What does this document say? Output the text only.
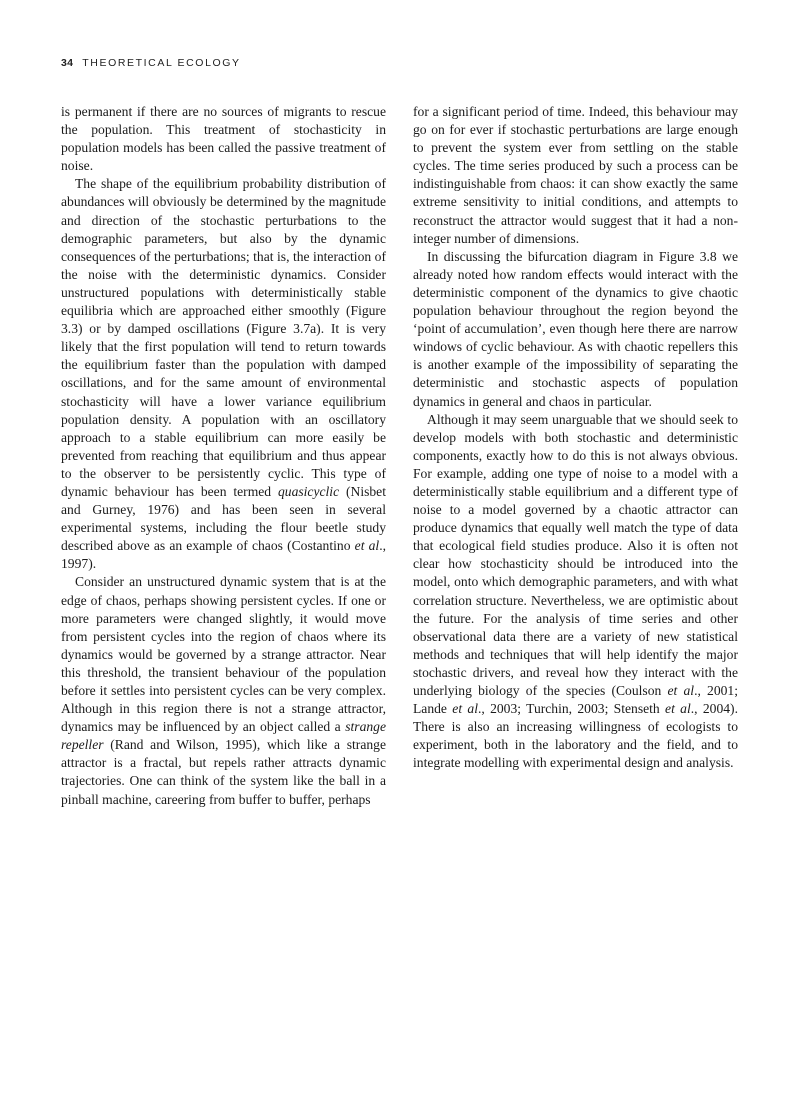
34 THEORETICAL ECOLOGY

is permanent if there are no sources of migrants to rescue the population. This treatment of stochasticity in population models has been called the passive treatment of noise.

The shape of the equilibrium probability distribution of abundances will obviously be determined by the magnitude and direction of the stochastic perturbations to the demographic parameters, but also by the dynamic consequences of the perturbations; that is, the interaction of the noise with the deterministic dynamics. Consider unstructured populations with deterministically stable equilibria which are approached either smoothly (Figure 3.3) or by damped oscillations (Figure 3.7a). It is very likely that the first population will tend to return towards the equilibrium faster than the population with damped oscillations, and for the same amount of environmental stochasticity will have a lower variance equilibrium population density. A population with an oscillatory approach to a stable equilibrium can more easily be prevented from reaching that equilibrium and thus appear to the observer to be persistently cyclic. This type of dynamic behaviour has been termed quasicyclic (Nisbet and Gurney, 1976) and has been seen in several experimental systems, including the flour beetle study described above as an example of chaos (Costantino et al., 1997).

Consider an unstructured dynamic system that is at the edge of chaos, perhaps showing persistent cycles. If one or more parameters were changed slightly, it would move from persistent cycles into the region of chaos where its dynamics would be governed by a strange attractor. Near this threshold, the transient behaviour of the population before it settles into persistent cycles can be very complex. Although in this region there is not a strange attractor, dynamics may be influenced by an object called a strange repeller (Rand and Wilson, 1995), which like a strange attractor is a fractal, but repels rather attracts dynamic trajectories. One can think of the system like the ball in a pinball machine, careering from buffer to buffer, perhaps

for a significant period of time. Indeed, this behaviour may go on for ever if stochastic perturbations are large enough to prevent the system ever from settling on the stable cycles. The time series produced by such a process can be indistinguishable from chaos: it can show exactly the same extreme sensitivity to initial conditions, and attempts to reconstruct the attractor would suggest that it had a non-integer number of dimensions.

In discussing the bifurcation diagram in Figure 3.8 we already noted how random effects would interact with the deterministic component of the dynamics to give chaotic population behaviour throughout the region beyond the ‘point of accumulation’, even though here there are narrow windows of cyclic behaviour. As with chaotic repellers this is another example of the impossibility of separating the deterministic and stochastic aspects of population dynamics in general and chaos in particular.

Although it may seem unarguable that we should seek to develop models with both stochastic and deterministic components, exactly how to do this is not always obvious. For example, adding one type of noise to a model with a deterministically stable equilibrium and a different type of noise to a model governed by a chaotic attractor can produce dynamics that equally well match the type of data that ecological field studies produce. Also it is often not clear how stochasticity should be introduced into the model, onto which demographic parameters, and with what correlation structure. Nevertheless, we are optimistic about the future. For the analysis of time series and other observational data there are a variety of new statistical methods and techniques that will help identify the major stochastic drivers, and reveal how they interact with the underlying biology of the species (Coulson et al., 2001; Lande et al., 2003; Turchin, 2003; Stenseth et al., 2004). There is also an increasing willingness of ecologists to experiment, both in the laboratory and the field, and to integrate modelling with experimental design and analysis.
